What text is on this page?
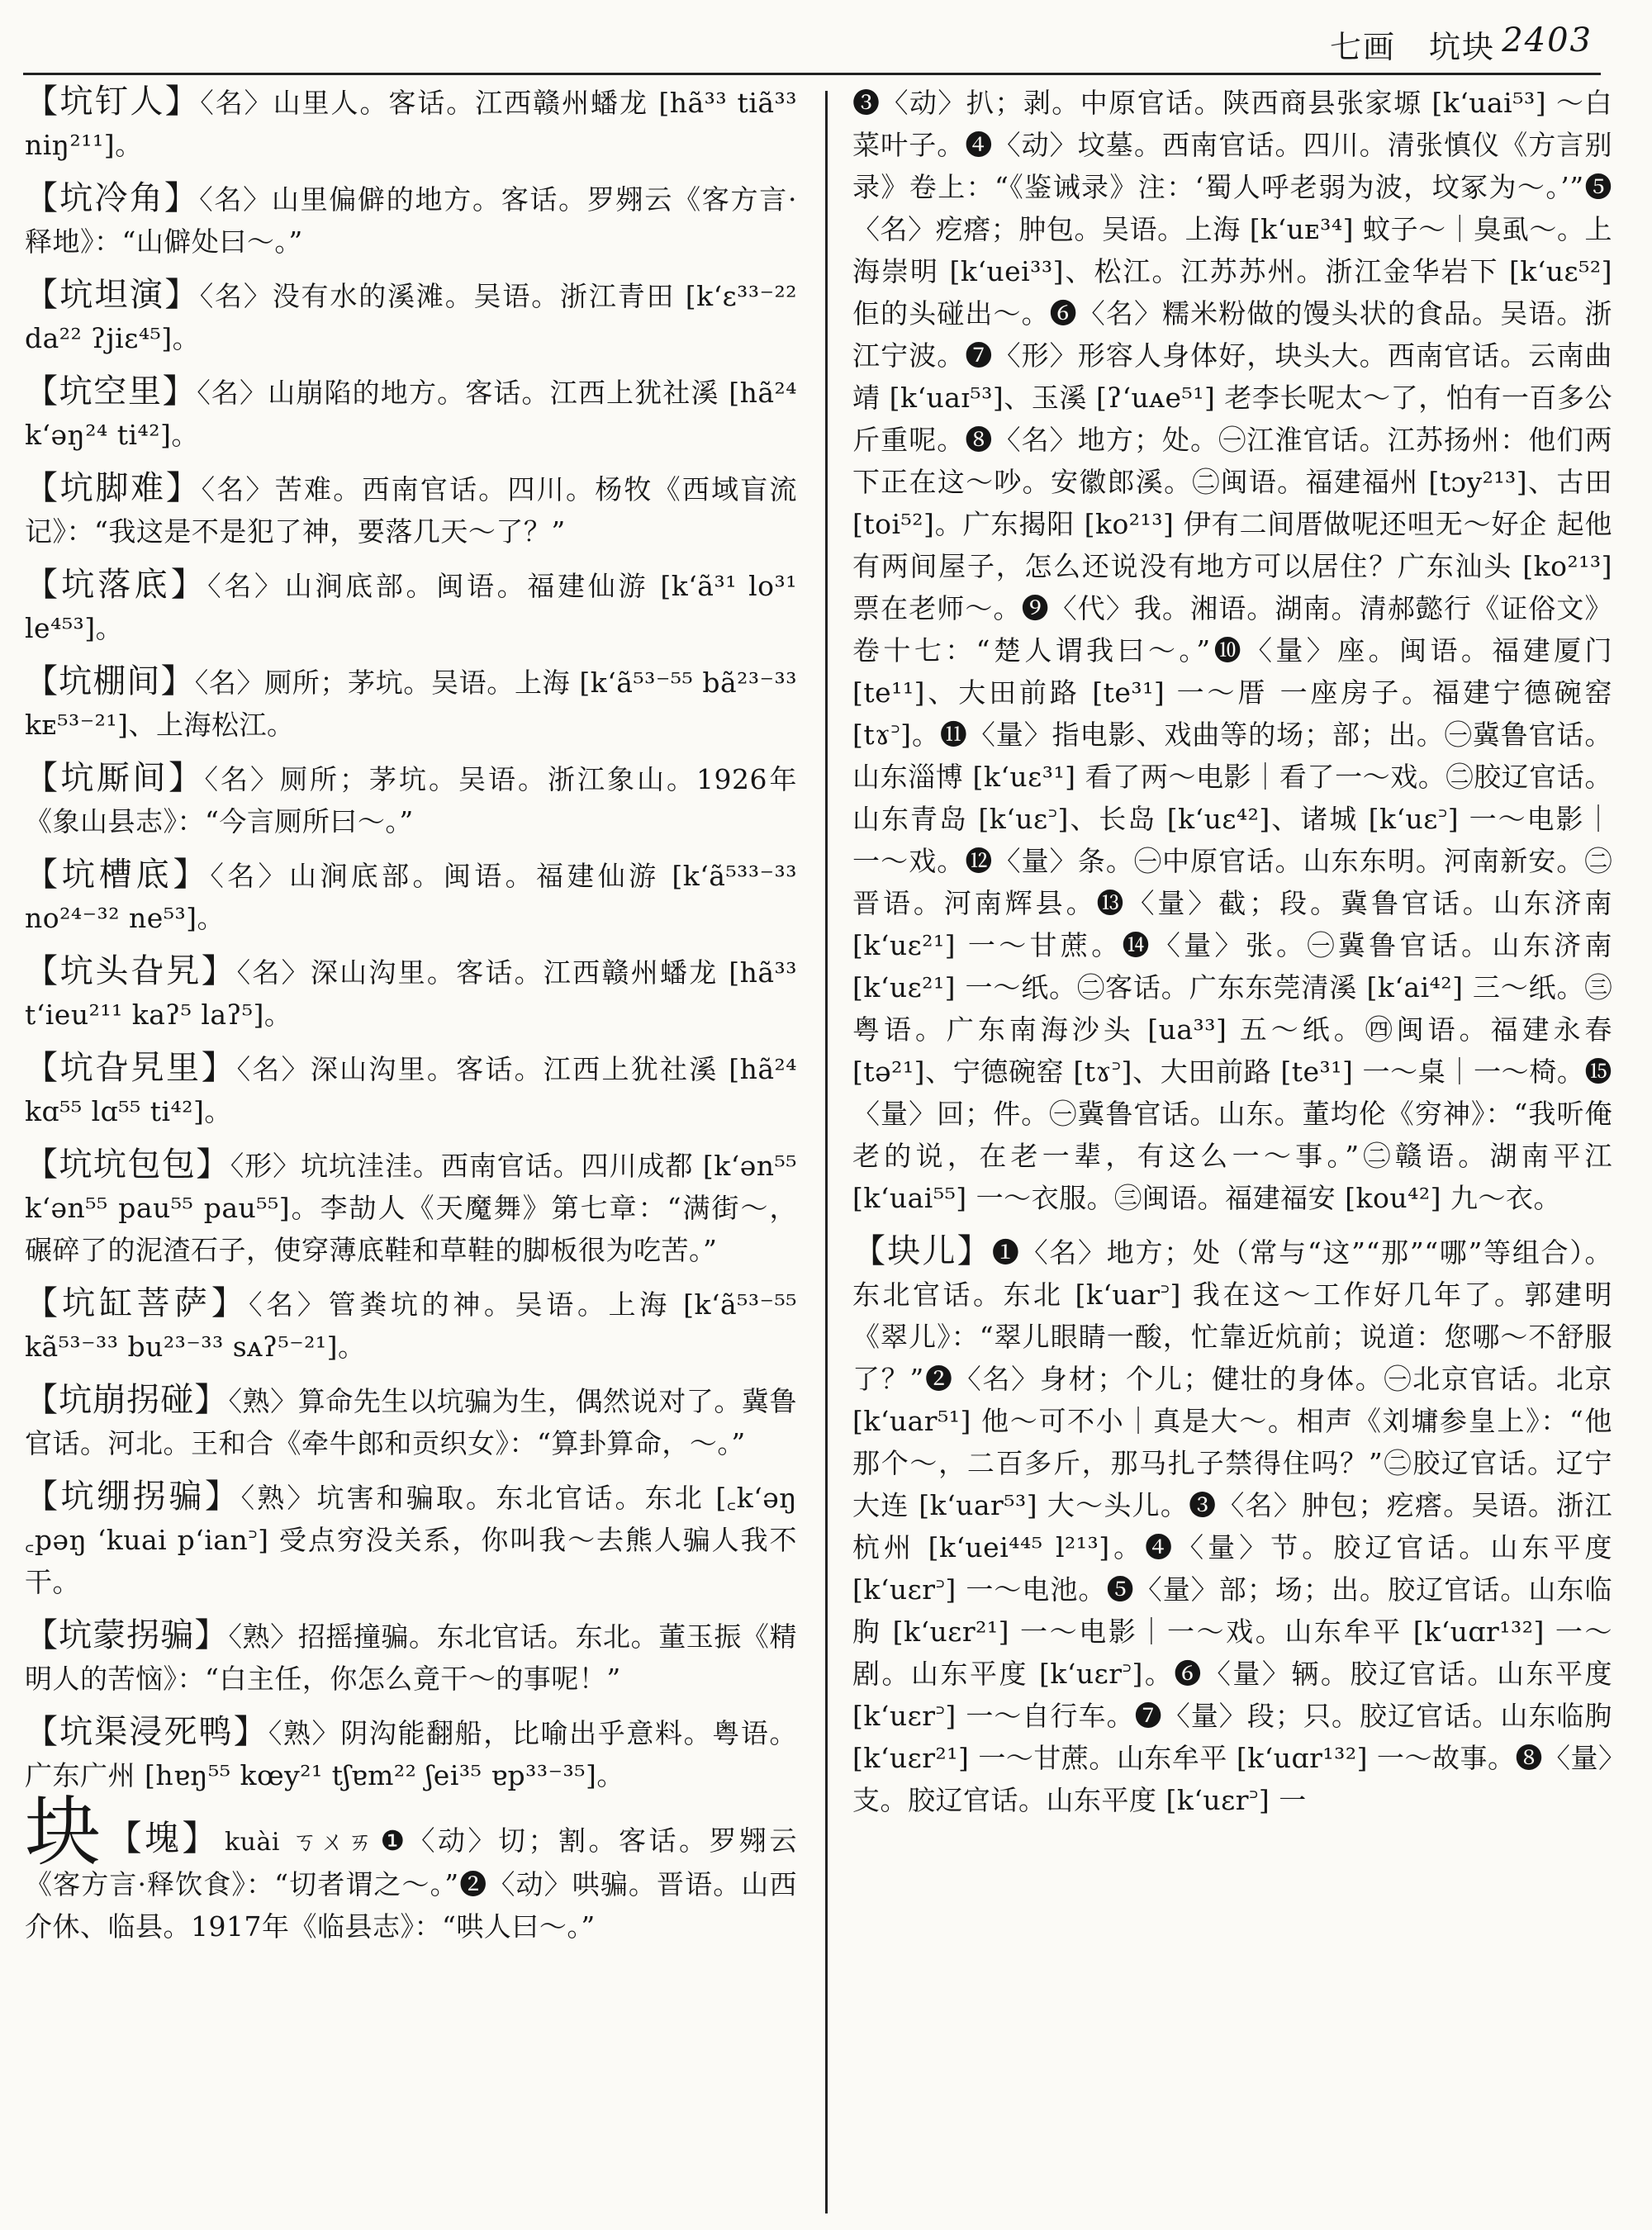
七画　坑块 2403
【坑钉人】〈名〉山里人。客话。江西赣州蟠龙 [hã³³ tiã³³ niŋ²¹¹]。
【坑冷角】〈名〉山里偏僻的地方。客话。罗翙云《客方言·释地》：“山僻处曰～。”
【坑坦演】〈名〉没有水的溪滩。吴语。浙江青田 [k‘ɛ³³⁻²² da²² ʔjiɛ⁴⁵]。
【坑空里】〈名〉山崩陷的地方。客话。江西上犹社溪 [hã²⁴ k‘əŋ²⁴ ti⁴²]。
【坑脚难】〈名〉苦难。西南官话。四川。杨牧《西域盲流记》：“我这是不是犯了神，要落几天～了？”
【坑落底】〈名〉山涧底部。闽语。福建仙游 [k‘ã³¹ lo³¹ le⁴⁵³]。
【坑棚间】〈名〉厕所；茅坑。吴语。上海 [k‘ã⁵³⁻⁵⁵ bã²³⁻³³ kᴇ⁵³⁻²¹]、上海松江。
【坑厮间】〈名〉厕所；茅坑。吴语。浙江象山。1926年《象山县志》：“今言厕所曰～。”
【坑槽底】〈名〉山涧底部。闽语。福建仙游 [k‘ã⁵³³⁻³³ no²⁴⁻³² ne⁵³]。
【坑头旮旯】〈名〉深山沟里。客话。江西赣州蟠龙 [hã³³ t‘ieu²¹¹ kaʔ⁵ laʔ⁵]。
【坑旮旯里】〈名〉深山沟里。客话。江西上犹社溪 [hã²⁴ kɑ⁵⁵ lɑ⁵⁵ ti⁴²]。
【坑坑包包】〈形〉坑坑洼洼。西南官话。四川成都 [k‘ən⁵⁵ k‘ən⁵⁵ pau⁵⁵ pau⁵⁵]。李劼人《天魔舞》第七章：“满街～，碾碎了的泥渣石子，使穿薄底鞋和草鞋的脚板很为吃苦。”
【坑缸菩萨】〈名〉管粪坑的神。吴语。上海 [k‘ã⁵³⁻⁵⁵ kã⁵³⁻³³ bu²³⁻³³ sᴀʔ⁵⁻²¹]。
【坑崩拐碰】〈熟〉算命先生以坑骗为生，偶然说对了。冀鲁官话。河北。王和合《牵牛郎和贡织女》：“算卦算命，～。”
【坑绷拐骗】〈熟〉坑害和骗取。东北官话。东北 [꜀k‘əŋ ꜀pəŋ ‘kuai p‘ian꜄] 受点穷没关系，你叫我～去熊人骗人我不干。
【坑蒙拐骗】〈熟〉招摇撞骗。东北官话。东北。董玉振《精明人的苦恼》：“白主任，你怎么竟干～的事呢！”
【坑渠浸死鸭】〈熟〉阴沟能翻船，比喻出乎意料。粤语。广东广州 [hɐŋ⁵⁵ kœy²¹ tʃɐm²² ʃei³⁵ ɐp³³⁻³⁵]。
块【塊】 kuài ㄎㄨㄞ ❶〈动〉切；割。客话。罗翙云《客方言·释饮食》：“切者谓之～。”❷〈动〉哄骗。晋语。山西介休、临县。1917年《临县志》：“哄人曰～。”
❸〈动〉扒；剥。中原官话。陕西商县张家塬 [k‘uai⁵³] ～白菜叶子。❹〈动〉坟墓。西南官话。四川。清张慎仪《方言别录》卷上：“《鉴诫录》注：‘蜀人呼老弱为波，坟冢为～。’”❺〈名〉疙瘩；肿包。吴语。上海 [k‘uᴇ³⁴] 蚊子～｜臭虱～。上海崇明 [k‘uei³³]、松江。江苏苏州。浙江金华岩下 [k‘uɛ⁵²] 佢的头碰出～。❻〈名〉糯米粉做的馒头状的食品。吴语。浙江宁波。❼〈形〉形容人身体好，块头大。西南官话。云南曲靖 [k‘uaɪ⁵³]、玉溪 [ʔ‘uᴀe⁵¹] 老李长呢太～了，怕有一百多公斤重呢。❽〈名〉地方；处。㊀江淮官话。江苏扬州：他们两下正在这～吵。安徽郎溪。㊁闽语。福建福州 [tɔy²¹³]、古田 [toi⁵²]。广东揭阳 [ko²¹³] 伊有二间厝做呢还呾无～好企 起他有两间屋子，怎么还说没有地方可以居住？广东汕头 [ko²¹³] 票在老师～。❾〈代〉我。湘语。湖南。清郝懿行《证俗文》卷十七：“楚人谓我曰～。”❿〈量〉座。闽语。福建厦门 [te¹¹]、大田前路 [te³¹] 一～厝 一座房子。福建宁德碗窑 [tɤ꜄]。⓫〈量〉指电影、戏曲等的场；部；出。㊀冀鲁官话。山东淄博 [k‘uɛ³¹] 看了两～电影｜看了一～戏。㊁胶辽官话。山东青岛 [k‘uɛ꜄]、长岛 [k‘uɛ⁴²]、诸城 [k‘uɛ꜄] 一～电影｜一～戏。⓬〈量〉条。㊀中原官话。山东东明。河南新安。㊁晋语。河南辉县。⓭〈量〉截；段。冀鲁官话。山东济南 [k‘uɛ²¹] 一～甘蔗。⓮〈量〉张。㊀冀鲁官话。山东济南 [k‘uɛ²¹] 一～纸。㊁客话。广东东莞清溪 [k‘ai⁴²] 三～纸。㊂粤语。广东南海沙头 [ua³³] 五～纸。㊃闽语。福建永春 [tə²¹]、宁德碗窑 [tɤ꜄]、大田前路 [te³¹] 一～桌｜一～椅。⓯〈量〉回；件。㊀冀鲁官话。山东。董均伦《穷神》：“我听俺老的说，在老一辈，有这么一～事。”㊁赣语。湖南平江 [k‘uai⁵⁵] 一～衣服。㊂闽语。福建福安 [kou⁴²] 九～衣。
【块儿】❶〈名〉地方；处（常与“这”“那”“哪”等组合）。东北官话。东北 [k‘uar꜄] 我在这～工作好几年了。郭建明《翠儿》：“翠儿眼睛一酸，忙靠近炕前；说道：您哪～不舒服了？”❷〈名〉身材；个儿；健壮的身体。㊀北京官话。北京 [k‘uar⁵¹] 他～可不小｜真是大～。相声《刘墉参皇上》：“他那个～，二百多斤，那马扎子禁得住吗？”㊁胶辽官话。辽宁大连 [k‘uar⁵³] 大～头儿。❸〈名〉肿包；疙瘩。吴语。浙江杭州 [k‘uei⁴⁴⁵ l²¹³]。❹〈量〉节。胶辽官话。山东平度 [k‘uɛr꜄] 一～电池。❺〈量〉部；场；出。胶辽官话。山东临朐 [k‘uɛr²¹] 一～电影｜一～戏。山东牟平 [k‘uɑr¹³²] 一～剧。山东平度 [k‘uɛr꜄]。❻〈量〉辆。胶辽官话。山东平度 [k‘uɛr꜄] 一～自行车。❼〈量〉段；只。胶辽官话。山东临朐 [k‘uɛr²¹] 一～甘蔗。山东牟平 [k‘uɑr¹³²] 一～故事。❽〈量〉支。胶辽官话。山东平度 [k‘uɛr꜄] 一
